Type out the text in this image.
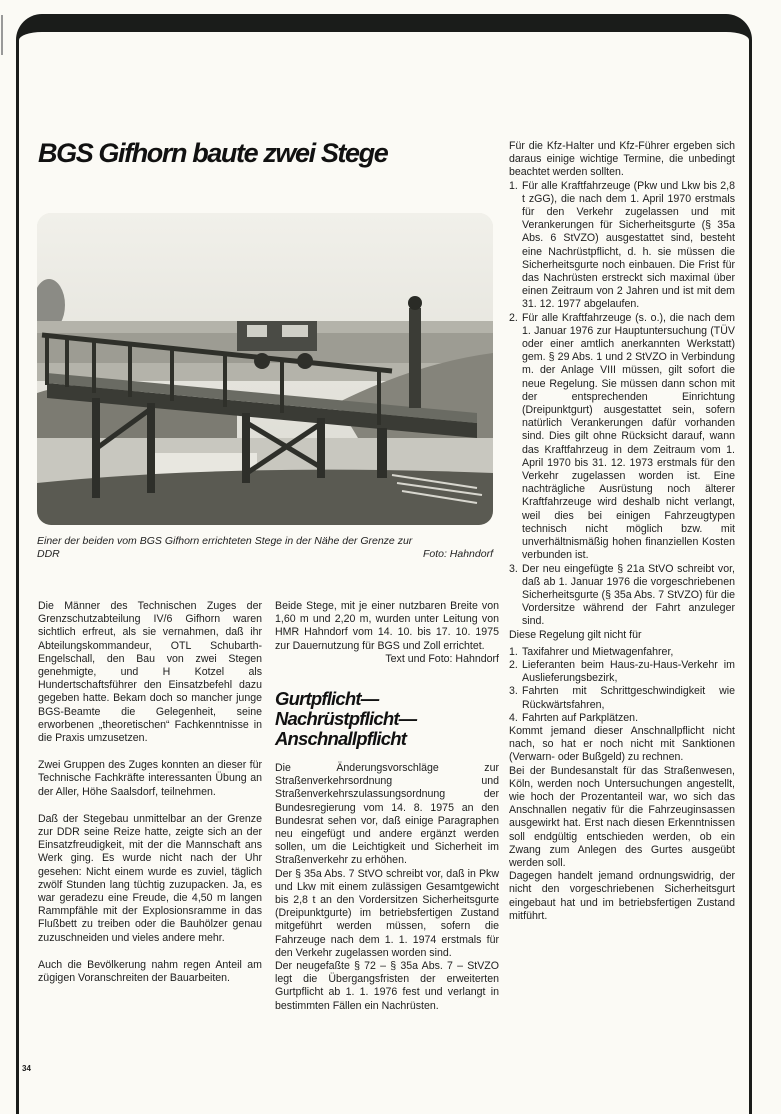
BGS Gifhorn baute zwei Stege
Einer der beiden vom BGS Gifhorn errichteten Stege in der Nähe der Grenze zur
DDR	Foto: Hahndorf

Die Männer des Technischen Zuges der Grenzschutzabteilung IV/6 Gifhorn waren sichtlich erfreut, als sie vernahmen, daß ihr Abteilungskommandeur, OTL Schubarth-Engelschall, den Bau von zwei Stegen genehmigte, und H Kotzel als Hundertschaftsführer den Einsatzbefehl dazu gegeben hatte. Bekam doch so mancher junge BGS-Beamte die Gelegenheit, seine erworbenen „theoretischen“ Fachkenntnisse in die Praxis umzusetzen.

Zwei Gruppen des Zuges konnten an dieser für Technische Fachkräfte interessanten Übung an der Aller, Höhe Saalsdorf, teilnehmen.

Daß der Stegebau unmittelbar an der Grenze zur DDR seine Reize hatte, zeigte sich an der Einsatzfreudigkeit, mit der die Mannschaft ans Werk ging. Es wurde nicht nach der Uhr gesehen: Nicht einem wurde es zuviel, täglich zwölf Stunden lang tüchtig zuzupacken. Ja, es war geradezu eine Freude, die 4,50 m langen Rammpfähle mit der Explosionsramme in das Flußbett zu treiben oder die Bauhölzer genau zuzuschneiden und vieles andere mehr.

Auch die Bevölkerung nahm regen Anteil am zügigen Voranschreiten der Bauarbeiten.

Beide Stege, mit je einer nutzbaren Breite von 1,60 m und 2,20 m, wurden unter Leitung von HMR Hahndorf vom 14. 10. bis 17. 10. 1975 zur Dauernutzung für BGS und Zoll errichtet.

Text und Foto: Hahndorf

Gurtpflicht—
Nachrüstpflicht—
Anschnallpflicht

Die Änderungsvorschläge zur Straßenverkehrsordnung und Straßenverkehrszulassungsordnung der Bundesregierung vom 14. 8. 1975 an den Bundesrat sehen vor, daß einige Paragraphen neu eingefügt und andere ergänzt werden sollen, um die Leichtigkeit und Sicherheit im Straßenverkehr zu erhöhen.

Der § 35a Abs. 7 StVO schreibt vor, daß in Pkw und Lkw mit einem zulässigen Gesamtgewicht bis 2,8 t an den Vordersitzen Sicherheitsgurte (Dreipunktgurte) im betriebsfertigen Zustand mitgeführt werden müssen, sofern die Fahrzeuge nach dem 1. 1. 1974 erstmals für den Verkehr zugelassen worden sind.

Der neugefaßte § 72 – § 35a Abs. 7 – StVZO legt die Übergangsfristen der erweiterten Gurtpflicht ab 1. 1. 1976 fest und verlangt in bestimmten Fällen ein Nachrüsten.

Für die Kfz-Halter und Kfz-Führer ergeben sich daraus einige wichtige Termine, die unbedingt beachtet werden sollten.

1. Für alle Kraftfahrzeuge (Pkw und Lkw bis 2,8 t zGG), die nach dem 1. April 1970 erstmals für den Verkehr zugelassen und mit Verankerungen für Sicherheitsgurte (§ 35a Abs. 6 StVZO) ausgestattet sind, besteht eine Nachrüstpflicht, d. h. sie müssen die Sicherheitsgurte noch einbauen. Die Frist für das Nachrüsten erstreckt sich maximal über einen Zeitraum von 2 Jahren und ist mit dem 31. 12. 1977 abgelaufen.
2. Für alle Kraftfahrzeuge (s. o.), die nach dem 1. Januar 1976 zur Hauptuntersuchung (TÜV oder einer amtlich anerkannten Werkstatt) gem. § 29 Abs. 1 und 2 StVZO in Verbindung m. der Anlage VIII müssen, gilt sofort die neue Regelung. Sie müssen dann schon mit der entsprechenden Einrichtung (Dreipunktgurt) ausgestattet sein, sofern natürlich Verankerungen dafür vorhanden sind. Dies gilt ohne Rücksicht darauf, wann das Kraftfahrzeug in dem Zeitraum vom 1. April 1970 bis 31. 12. 1973 erstmals für den Verkehr zugelassen worden ist. Eine nachträgliche Ausrüstung noch älterer Kraftfahrzeuge wird deshalb nicht verlangt, weil dies bei einigen Fahrzeugtypen technisch nicht möglich bzw. mit unverhältnismäßig hohen finanziellen Kosten verbunden ist.
3. Der neu eingefügte § 21a StVO schreibt vor, daß ab 1. Januar 1976 die vorgeschriebenen Sicherheitsgurte (§ 35a Abs. 7 StVZO) für die Vordersitze während der Fahrt anzuleger sind.

Diese Regelung gilt nicht für

1. Taxifahrer und Mietwagenfahrer,
2. Lieferanten beim Haus-zu-Haus-Verkehr im Auslieferungsbezirk,
3. Fahrten mit Schrittgeschwindigkeit wie Rückwärtsfahren,
4. Fahrten auf Parkplätzen.

Kommt jemand dieser Anschnallpflicht nicht nach, so hat er noch nicht mit Sanktionen (Verwarn- oder Bußgeld) zu rechnen.

Bei der Bundesanstalt für das Straßenwesen, Köln, werden noch Untersuchungen angestellt, wie hoch der Prozentanteil war, wo sich das Anschnallen negativ für die Fahrzeuginsassen ausgewirkt hat. Erst nach diesen Erkenntnissen soll endgültig entschieden werden, ob ein Zwang zum Anlegen des Gurtes ausgeübt werden soll.

Dagegen handelt jemand ordnungswidrig, der nicht den vorgeschriebenen Sicherheitsgurt eingebaut hat und im betriebsfertigen Zustand mitführt.

34
